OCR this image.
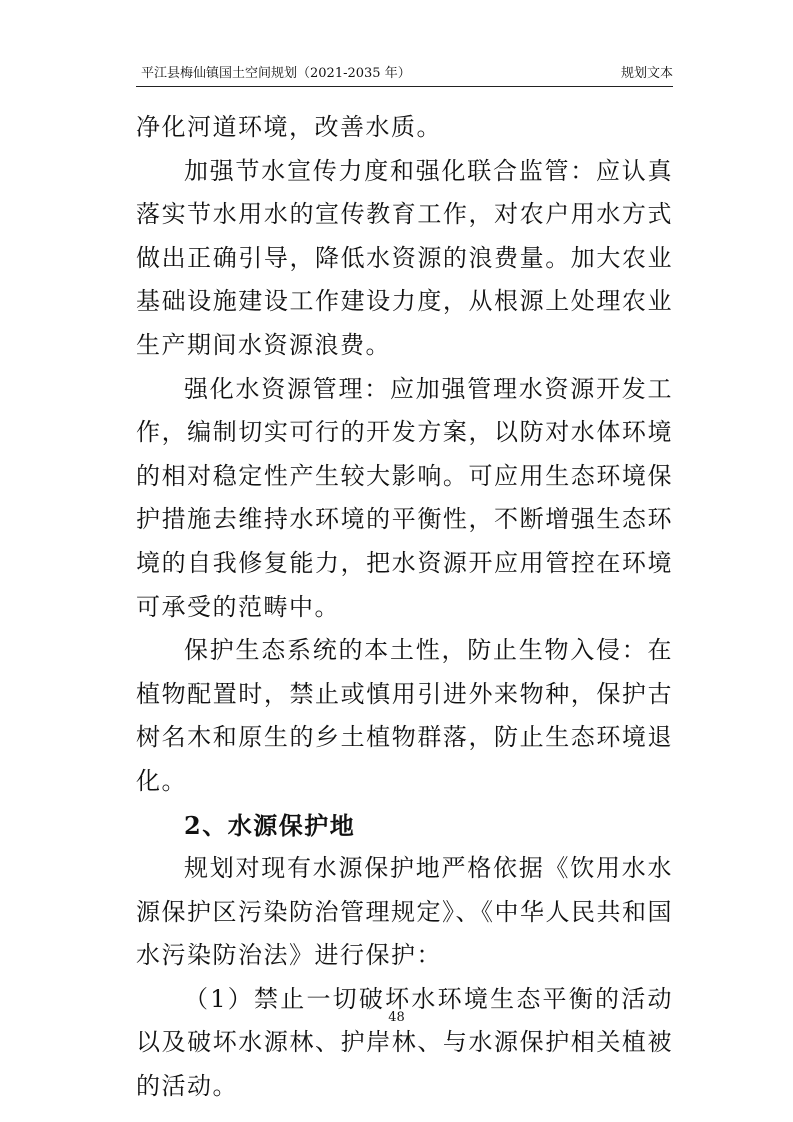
平江县梅仙镇国土空间规划（2021-2035 年）	规划文本

净化河道环境，改善水质。

加强节水宣传力度和强化联合监管：应认真落实节水用水的宣传教育工作，对农户用水方式做出正确引导，降低水资源的浪费量。加大农业基础设施建设工作建设力度，从根源上处理农业生产期间水资源浪费。

强化水资源管理：应加强管理水资源开发工作，编制切实可行的开发方案，以防对水体环境的相对稳定性产生较大影响。可应用生态环境保护措施去维持水环境的平衡性，不断增强生态环境的自我修复能力，把水资源开应用管控在环境可承受的范畴中。

保护生态系统的本土性，防止生物入侵：在植物配置时，禁止或慎用引进外来物种，保护古树名木和原生的乡土植物群落，防止生态环境退化。

2、水源保护地

规划对现有水源保护地严格依据《饮用水水源保护区污染防治管理规定》、《中华人民共和国水污染防治法》进行保护：

（1）禁止一切破坏水环境生态平衡的活动以及破坏水源林、护岸林、与水源保护相关植被的活动。

48
